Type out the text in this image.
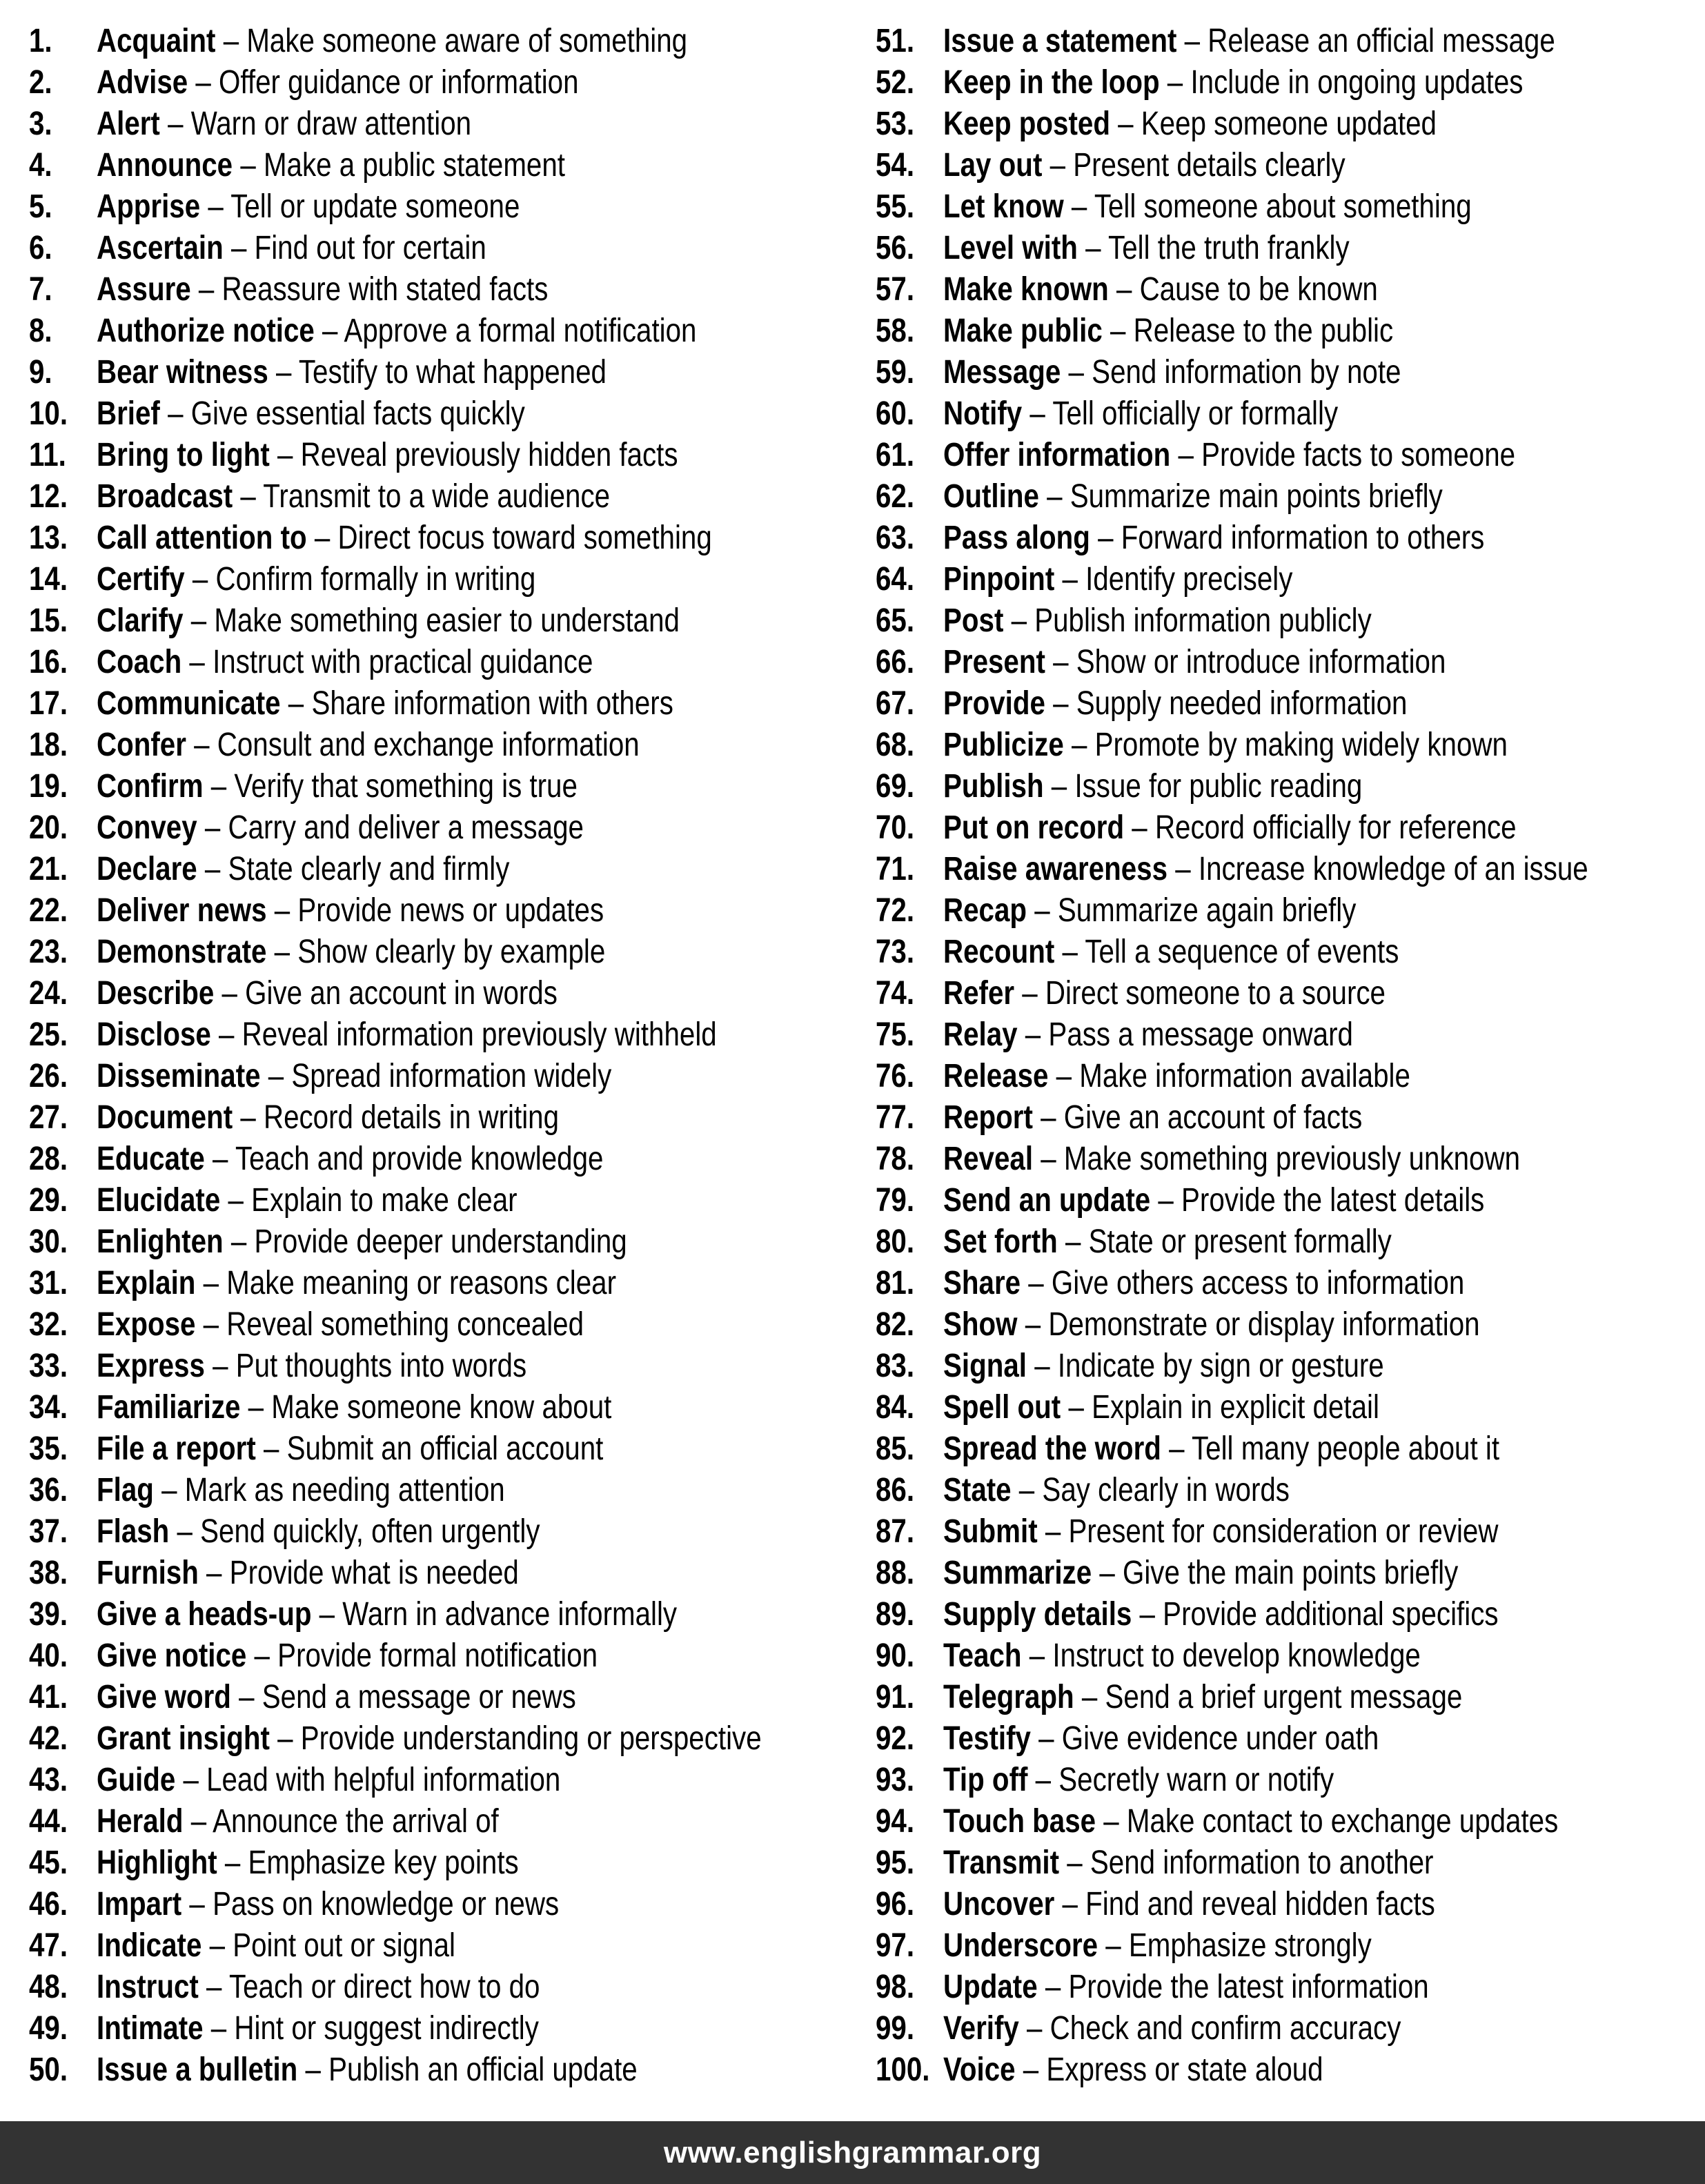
1.	Acquaint – Make someone aware of something
2.	Advise – Offer guidance or information
3.	Alert – Warn or draw attention
4.	Announce – Make a public statement
5.	Apprise – Tell or update someone
6.	Ascertain – Find out for certain
7.	Assure – Reassure with stated facts
8.	Authorize notice – Approve a formal notification
9.	Bear witness – Testify to what happened
10. Brief – Give essential facts quickly
11. Bring to light – Reveal previously hidden facts
12. Broadcast – Transmit to a wide audience
13. Call attention to – Direct focus toward something
14. Certify – Confirm formally in writing
15. Clarify – Make something easier to understand
16. Coach – Instruct with practical guidance
17. Communicate – Share information with others
18. Confer – Consult and exchange information
19. Confirm – Verify that something is true
20. Convey – Carry and deliver a message
21. Declare – State clearly and firmly
22. Deliver news – Provide news or updates
23. Demonstrate – Show clearly by example
24. Describe – Give an account in words
25. Disclose – Reveal information previously withheld
26. Disseminate – Spread information widely
27. Document – Record details in writing
28. Educate – Teach and provide knowledge
29. Elucidate – Explain to make clear
30. Enlighten – Provide deeper understanding
31. Explain – Make meaning or reasons clear
32. Expose – Reveal something concealed
33. Express – Put thoughts into words
34. Familiarize – Make someone know about
35. File a report – Submit an official account
36. Flag – Mark as needing attention
37. Flash – Send quickly, often urgently
38. Furnish – Provide what is needed
39. Give a heads-up – Warn in advance informally
40. Give notice – Provide formal notification
41. Give word – Send a message or news
42. Grant insight – Provide understanding or perspective
43. Guide – Lead with helpful information
44. Herald – Announce the arrival of
45. Highlight – Emphasize key points
46. Impart – Pass on knowledge or news
47. Indicate – Point out or signal
48. Instruct – Teach or direct how to do
49. Intimate – Hint or suggest indirectly
50. Issue a bulletin – Publish an official update
51. Issue a statement – Release an official message
52. Keep in the loop – Include in ongoing updates
53. Keep posted – Keep someone updated
54. Lay out – Present details clearly
55. Let know – Tell someone about something
56. Level with – Tell the truth frankly
57. Make known – Cause to be known
58. Make public – Release to the public
59. Message – Send information by note
60. Notify – Tell officially or formally
61. Offer information – Provide facts to someone
62. Outline – Summarize main points briefly
63. Pass along – Forward information to others
64. Pinpoint – Identify precisely
65. Post – Publish information publicly
66. Present – Show or introduce information
67. Provide – Supply needed information
68. Publicize – Promote by making widely known
69. Publish – Issue for public reading
70. Put on record – Record officially for reference
71. Raise awareness – Increase knowledge of an issue
72. Recap – Summarize again briefly
73. Recount – Tell a sequence of events
74. Refer – Direct someone to a source
75. Relay – Pass a message onward
76. Release – Make information available
77. Report – Give an account of facts
78. Reveal – Make something previously unknown
79. Send an update – Provide the latest details
80. Set forth – State or present formally
81. Share – Give others access to information
82. Show – Demonstrate or display information
83. Signal – Indicate by sign or gesture
84. Spell out – Explain in explicit detail
85. Spread the word – Tell many people about it
86. State – Say clearly in words
87. Submit – Present for consideration or review
88. Summarize – Give the main points briefly
89. Supply details – Provide additional specifics
90. Teach – Instruct to develop knowledge
91. Telegraph – Send a brief urgent message
92. Testify – Give evidence under oath
93. Tip off – Secretly warn or notify
94. Touch base – Make contact to exchange updates
95. Transmit – Send information to another
96. Uncover – Find and reveal hidden facts
97. Underscore – Emphasize strongly
98. Update – Provide the latest information
99. Verify – Check and confirm accuracy
100. Voice – Express or state aloud
www.englishgrammar.org
